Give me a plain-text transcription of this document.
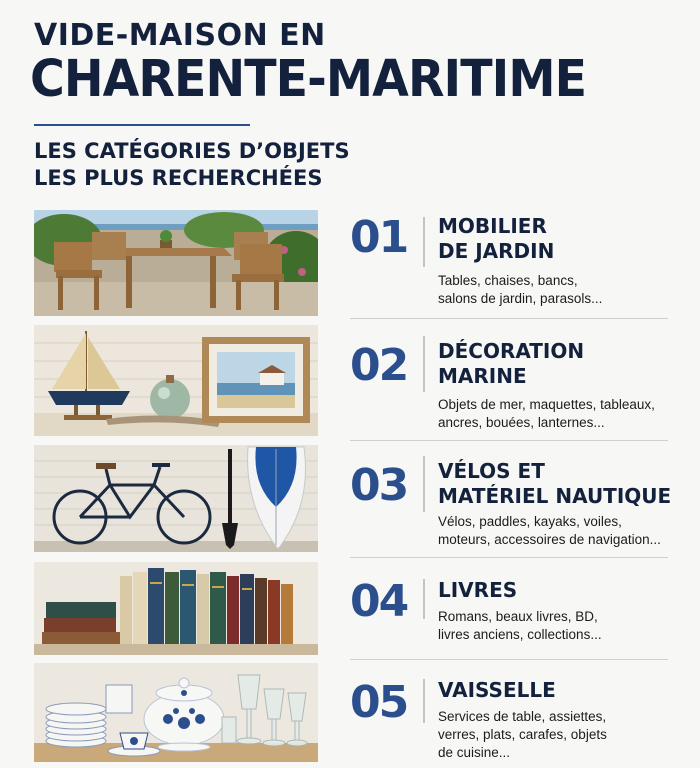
VIDE-MAISON EN
CHARENTE-MARITIME
LES CATÉGORIES D’OBJETS
LES PLUS RECHERCHÉES
01 MOBILIER
DE JARDIN
Tables, chaises, bancs,
salons de jardin, parasols...
02 DÉCORATION
MARINE
Objets de mer, maquettes, tableaux,
ancres, bouées, lanternes...
03 VÉLOS ET
MATÉRIEL NAUTIQUE
Vélos, paddles, kayaks, voiles,
moteurs, accessoires de navigation...
04 LIVRES
Romans, beaux livres, BD,
livres anciens, collections...
05 VAISSELLE
Services de table, assiettes,
verres, plats, carafes, objets
de cuisine...
